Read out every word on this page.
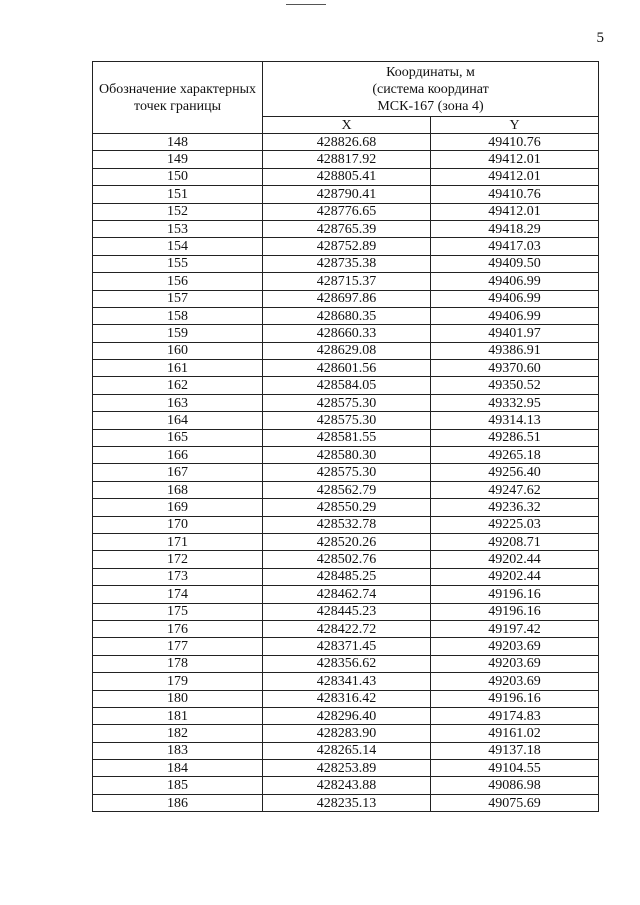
5
Обозначение характерных точек границы	Координаты, м
(система координат
МСК-167 (зона 4)	

	X	Y
148	428826.68	49410.76
149	428817.92	49412.01
150	428805.41	49412.01
151	428790.41	49410.76
152	428776.65	49412.01
153	428765.39	49418.29
154	428752.89	49417.03
155	428735.38	49409.50
156	428715.37	49406.99
157	428697.86	49406.99
158	428680.35	49406.99
159	428660.33	49401.97
160	428629.08	49386.91
161	428601.56	49370.60
162	428584.05	49350.52
163	428575.30	49332.95
164	428575.30	49314.13
165	428581.55	49286.51
166	428580.30	49265.18
167	428575.30	49256.40
168	428562.79	49247.62
169	428550.29	49236.32
170	428532.78	49225.03
171	428520.26	49208.71
172	428502.76	49202.44
173	428485.25	49202.44
174	428462.74	49196.16
175	428445.23	49196.16
176	428422.72	49197.42
177	428371.45	49203.69
178	428356.62	49203.69
179	428341.43	49203.69
180	428316.42	49196.16
181	428296.40	49174.83
182	428283.90	49161.02
183	428265.14	49137.18
184	428253.89	49104.55
185	428243.88	49086.98
186	428235.13	49075.69
